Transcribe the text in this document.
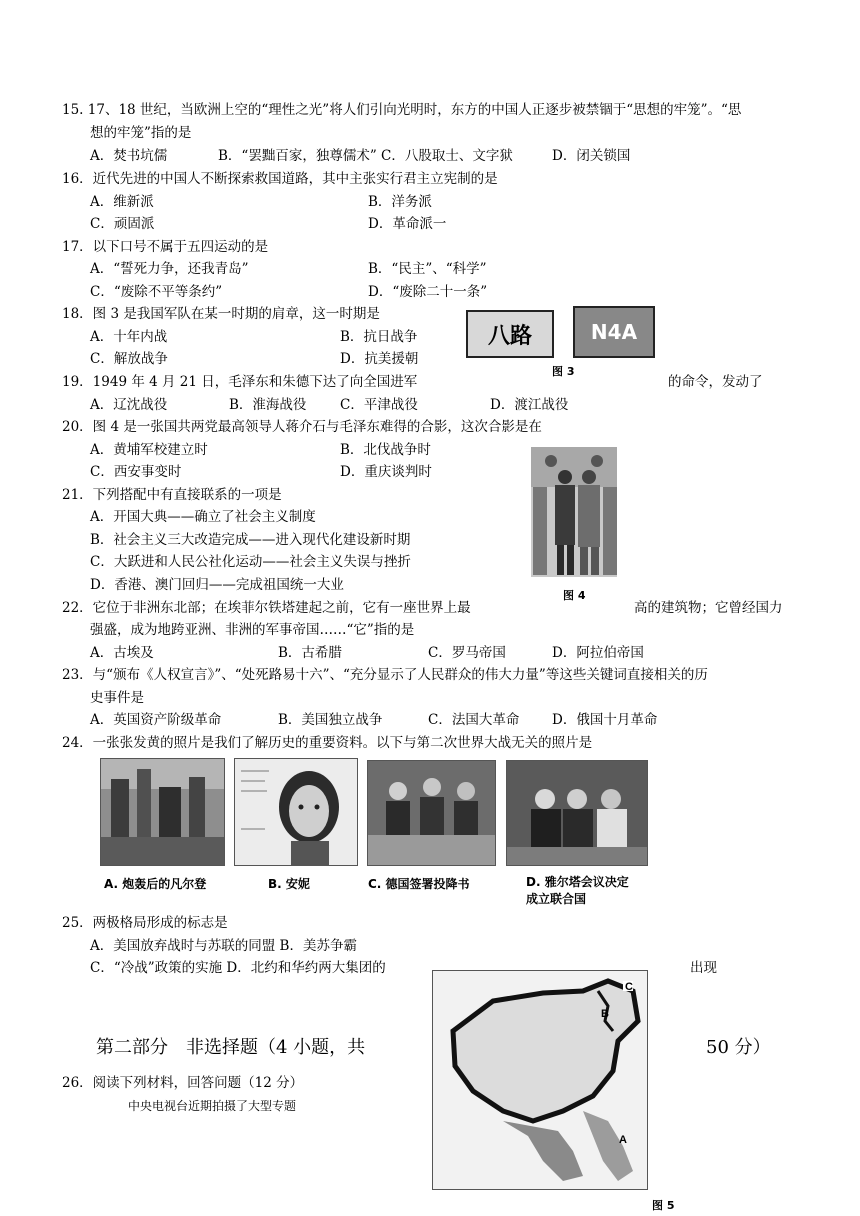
15. 17、18 世纪，当欧洲上空的“理性之光”将人们引向光明时，东方的中国人正逐步被禁锢于“思想的牢笼”。“思
想的牢笼”指的是
A．焚书坑儒	B．“罢黜百家，独尊儒术” C．八股取士、文字狱	D．闭关锁国
16．近代先进的中国人不断探索救国道路，其中主张实行君主立宪制的是
A．维新派	B．洋务派
C．顽固派	D．革命派一
17．以下口号不属于五四运动的是
A．“誓死力争，还我青岛”	B．“民主”、“科学”
C．“废除不平等条约”	D．“废除二十一条”
18．图 3 是我国军队在某一时期的肩章，这一时期是
A．十年内战	B．抗日战争
C．解放战争	D．抗美援朝
八路	N4A
图 3
19．1949 年 4 月 21 日，毛泽东和朱德下达了向全国进军	的命令，发动了
A．辽沈战役	B．淮海战役 C．平津战役	D．渡江战役
20．图 4 是一张国共两党最高领导人蒋介石与毛泽东难得的合影，这次合影是在
A．黄埔军校建立时	B．北伐战争时
C．西安事变时	D．重庆谈判时
图 4
21．下列搭配中有直接联系的一项是
A．开国大典——确立了社会主义制度
B．社会主义三大改造完成——进入现代化建设新时期
C．大跃进和人民公社化运动——社会主义失误与挫折
D．香港、澳门回归——完成祖国统一大业
22．它位于非洲东北部；在埃菲尔铁塔建起之前，它有一座世界上最	高的建筑物；它曾经国力
强盛，成为地跨亚洲、非洲的军事帝国……“它”指的是
A．古埃及	B．古希腊	C．罗马帝国	D．阿拉伯帝国
23．与“颁布《人权宣言》”、“处死路易十六”、“充分显示了人民群众的伟大力量”等这些关键词直接相关的历
史事件是
A．英国资产阶级革命	B．美国独立战争	C．法国大革命 D．俄国十月革命
24．一张张发黄的照片是我们了解历史的重要资料。以下与第二次世界大战无关的照片是
A. 炮轰后的凡尔登	B. 安妮	C. 德国签署投降书	D. 雅尔塔会议决定成立联合国
25．两极格局形成的标志是
A．美国放弃战时与苏联的同盟 B．美苏争霸
C．“冷战”政策的实施 D．北约和华约两大集团的	出现
C
B
A
图 5
第二部分　非选择题（4 小题，共	50 分）
26．阅读下列材料，回答问题（12 分）
中央电视台近期拍摄了大型专题
